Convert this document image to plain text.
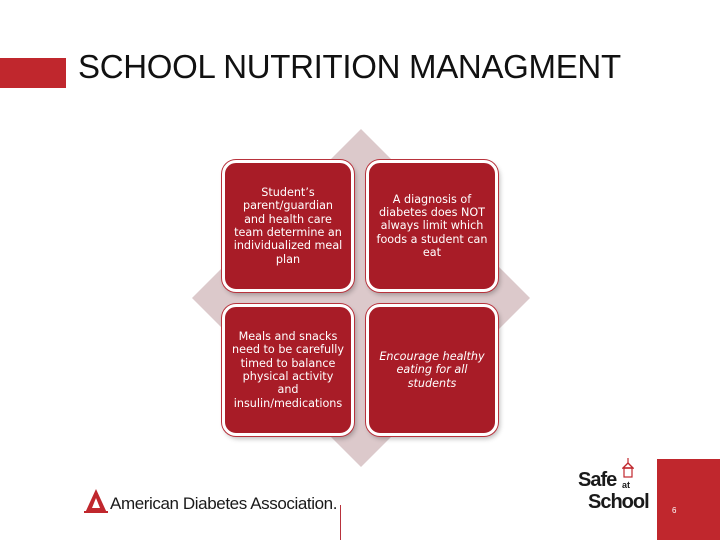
SCHOOL NUTRITION MANAGMENT
Student’s parent/guardian and health care team determine an individualized meal plan
A diagnosis of diabetes does NOT always limit which foods a student can eat
Meals and snacks need to be carefully timed to balance physical activity and insulin/medications
Encourage healthy eating for all students
American Diabetes Association.
Safe at
School	6
